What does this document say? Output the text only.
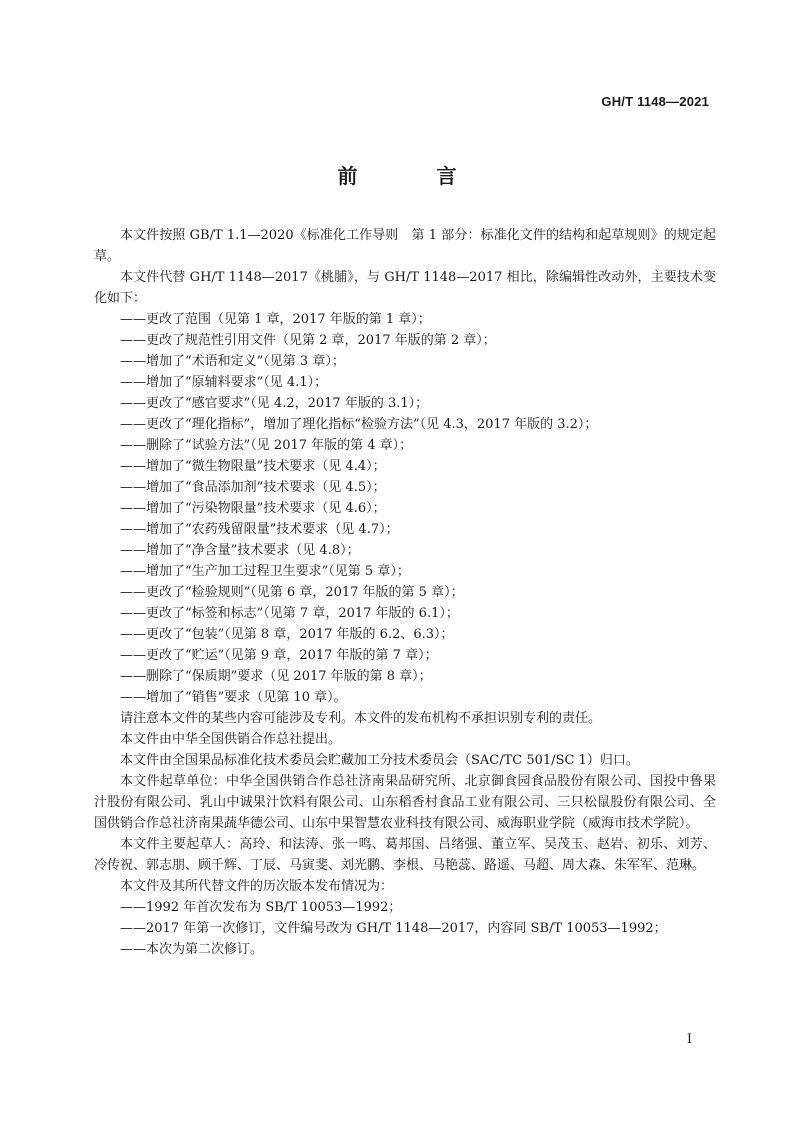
GH/T 1148—2021
前 言

本文件按照 GB/T 1.1—2020《标准化工作导则　第 1 部分：标准化文件的结构和起草规则》的规定起草。

本文件代替 GH/T 1148—2017《桃脯》，与 GH/T 1148—2017 相比，除编辑性改动外，主要技术变化如下：

——更改了范围（见第 1 章，2017 年版的第 1 章）；

——更改了规范性引用文件（见第 2 章，2017 年版的第 2 章）；

——增加了“术语和定义”（见第 3 章）；

——增加了“原辅料要求”（见 4.1）；

——更改了“感官要求”（见 4.2，2017 年版的 3.1）；

——更改了“理化指标”，增加了理化指标“检验方法”（见 4.3，2017 年版的 3.2）；

——删除了“试验方法”（见 2017 年版的第 4 章）；

——增加了“微生物限量”技术要求（见 4.4）；

——增加了“食品添加剂”技术要求（见 4.5）；

——增加了“污染物限量”技术要求（见 4.6）；

——增加了“农药残留限量”技术要求（见 4.7）；

——增加了“净含量”技术要求（见 4.8）；

——增加了“生产加工过程卫生要求”（见第 5 章）；

——更改了“检验规则”（见第 6 章，2017 年版的第 5 章）；

——更改了“标签和标志”（见第 7 章，2017 年版的 6.1）；

——更改了“包装”（见第 8 章，2017 年版的 6.2、6.3）；

——更改了“贮运”（见第 9 章，2017 年版的第 7 章）；

——删除了“保质期”要求（见 2017 年版的第 8 章）；

——增加了“销售”要求（见第 10 章）。

请注意本文件的某些内容可能涉及专利。本文件的发布机构不承担识别专利的责任。

本文件由中华全国供销合作总社提出。

本文件由全国果品标准化技术委员会贮藏加工分技术委员会（SAC/TC 501/SC 1）归口。

本文件起草单位：中华全国供销合作总社济南果品研究所、北京御食园食品股份有限公司、国投中鲁果汁股份有限公司、乳山中诚果汁饮料有限公司、山东稻香村食品工业有限公司、三只松鼠股份有限公司、全国供销合作总社济南果蔬华德公司、山东中果智慧农业科技有限公司、威海职业学院（威海市技术学院）。

本文件主要起草人：高玲、和法涛、张一鸣、葛邦国、吕绪强、董立军、吴茂玉、赵岩、初乐、刘芳、冷传祝、郭志朋、顾千辉、丁辰、马寅斐、刘光鹏、李根、马艳蕊、路遥、马超、周大森、朱军军、范琳。

本文件及其所代替文件的历次版本发布情况为：

——1992 年首次发布为 SB/T 10053—1992；

——2017 年第一次修订，文件编号改为 GH/T 1148—2017，内容同 SB/T 10053—1992；

——本次为第二次修订。

I
